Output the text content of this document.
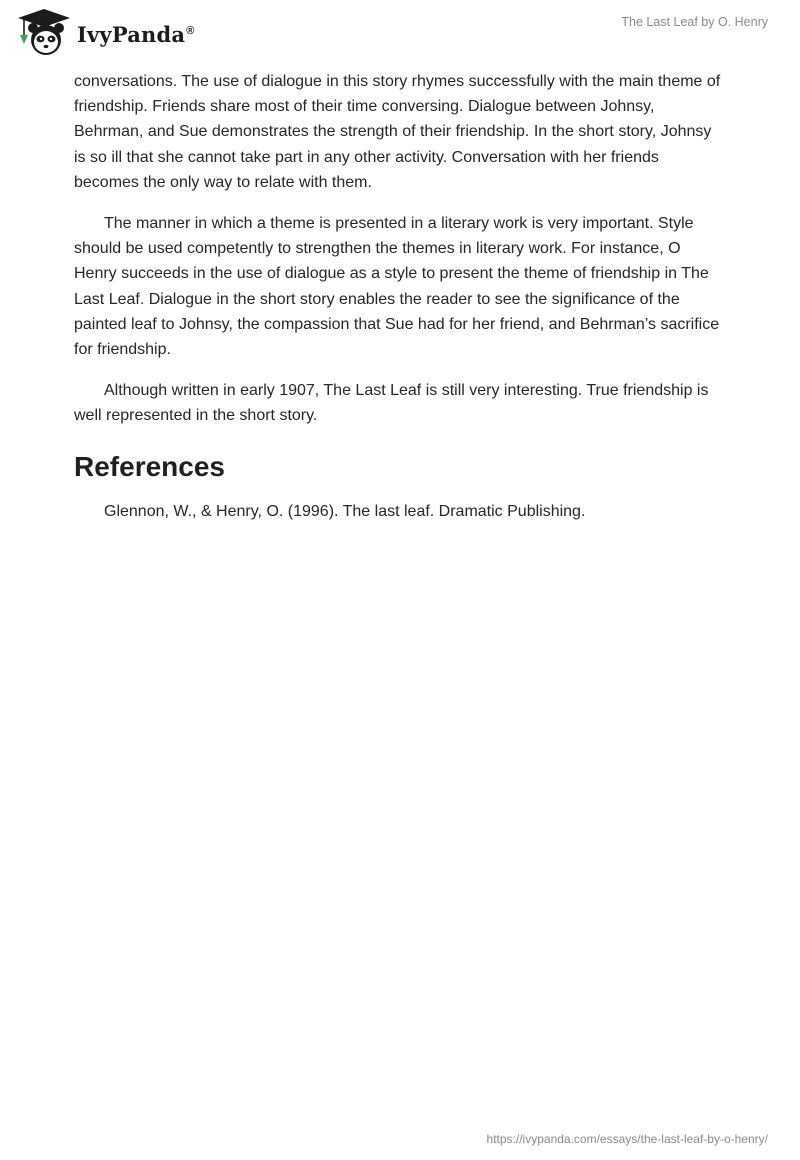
IvyPanda®
The Last Leaf by O. Henry

conversations. The use of dialogue in this story rhymes successfully with the main theme of friendship. Friends share most of their time conversing. Dialogue between Johnsy, Behrman, and Sue demonstrates the strength of their friendship. In the short story, Johnsy is so ill that she cannot take part in any other activity. Conversation with her friends becomes the only way to relate with them.

The manner in which a theme is presented in a literary work is very important. Style should be used competently to strengthen the themes in literary work. For instance, O Henry succeeds in the use of dialogue as a style to present the theme of friendship in The Last Leaf. Dialogue in the short story enables the reader to see the significance of the painted leaf to Johnsy, the compassion that Sue had for her friend, and Behrman’s sacrifice for friendship.

Although written in early 1907, The Last Leaf is still very interesting. True friendship is well represented in the short story.

References

Glennon, W., & Henry, O. (1996). The last leaf. Dramatic Publishing.

https://ivypanda.com/essays/the-last-leaf-by-o-henry/
